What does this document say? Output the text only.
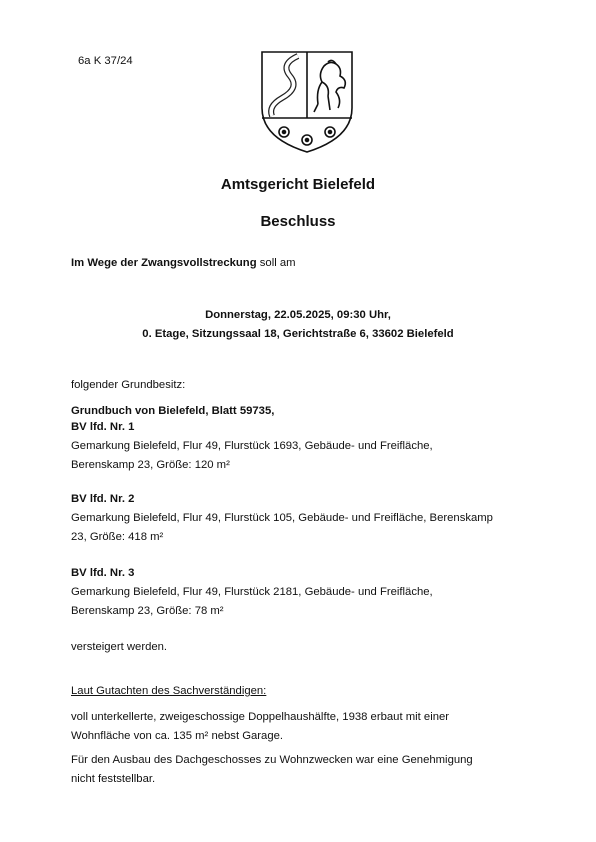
6a K 37/24
Amtsgericht Bielefeld
Beschluss
Im Wege der Zwangsvollstreckung soll am
Donnerstag, 22.05.2025, 09:30 Uhr,
0. Etage, Sitzungssaal 18, Gerichtstraße 6, 33602 Bielefeld
folgender Grundbesitz:
Grundbuch von Bielefeld, Blatt 59735,
BV lfd. Nr. 1
Gemarkung Bielefeld, Flur 49, Flurstück 1693, Gebäude- und Freifläche,
Berenskamp 23, Größe: 120 m²
BV lfd. Nr. 2
Gemarkung Bielefeld, Flur 49, Flurstück 105, Gebäude- und Freifläche, Berenskamp
23, Größe: 418 m²
BV lfd. Nr. 3
Gemarkung Bielefeld, Flur 49, Flurstück 2181, Gebäude- und Freifläche,
Berenskamp 23, Größe: 78 m²
versteigert werden.
Laut Gutachten des Sachverständigen:
voll unterkellerte, zweigeschossige Doppelhaushälfte, 1938 erbaut mit einer
Wohnfläche von ca. 135 m² nebst Garage.
Für den Ausbau des Dachgeschosses zu Wohnzwecken war eine Genehmigung
nicht feststellbar.
